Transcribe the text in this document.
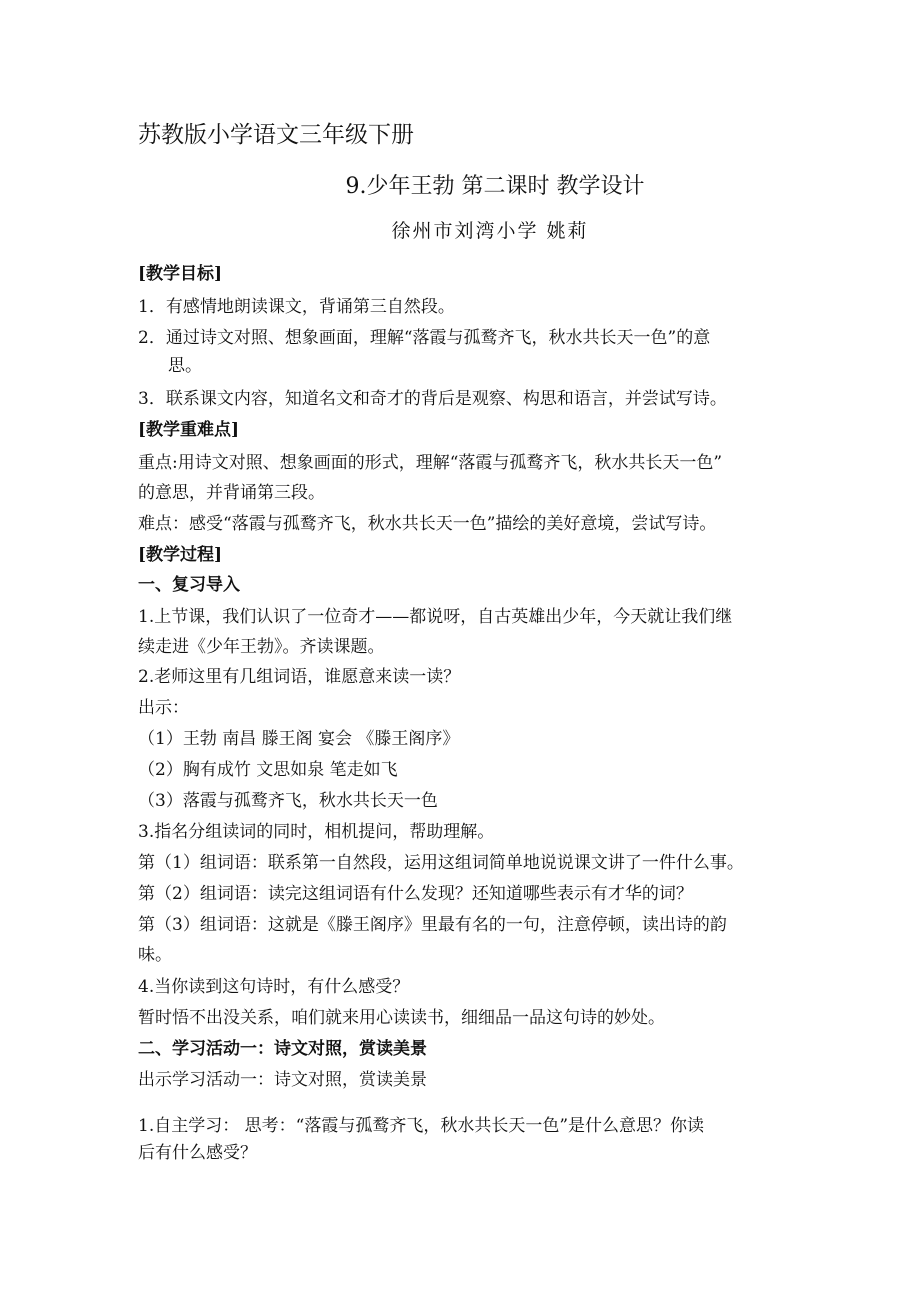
苏教版小学语文三年级下册
9.少年王勃 第二课时 教学设计
徐州市刘湾小学 姚莉
[教学目标]
1．有感情地朗读课文，背诵第三自然段。
2．通过诗文对照、想象画面，理解“落霞与孤鹜齐飞，秋水共长天一色”的意
思。
3．联系课文内容，知道名文和奇才的背后是观察、构思和语言，并尝试写诗。
[教学重难点]
重点:用诗文对照、想象画面的形式，理解“落霞与孤鹜齐飞，秋水共长天一色”
的意思，并背诵第三段。
难点：感受“落霞与孤鹜齐飞，秋水共长天一色”描绘的美好意境，尝试写诗。
[教学过程]
一、复习导入
1.上节课，我们认识了一位奇才——都说呀，自古英雄出少年，今天就让我们继
续走进《少年王勃》。齐读课题。
2.老师这里有几组词语，谁愿意来读一读？
出示：
（1）王勃 南昌 滕王阁 宴会 《滕王阁序》
（2）胸有成竹 文思如泉 笔走如飞
（3）落霞与孤鹜齐飞，秋水共长天一色
3.指名分组读词的同时，相机提问，帮助理解。
第（1）组词语：联系第一自然段，运用这组词简单地说说课文讲了一件什么事。
第（2）组词语：读完这组词语有什么发现？还知道哪些表示有才华的词？
第（3）组词语：这就是《滕王阁序》里最有名的一句，注意停顿，读出诗的韵
味。
4.当你读到这句诗时，有什么感受？
暂时悟不出没关系，咱们就来用心读读书，细细品一品这句诗的妙处。
二、学习活动一：诗文对照，赏读美景
出示学习活动一：诗文对照，赏读美景
1.自主学习： 思考：“落霞与孤鹜齐飞，秋水共长天一色”是什么意思？你读
后有什么感受？
